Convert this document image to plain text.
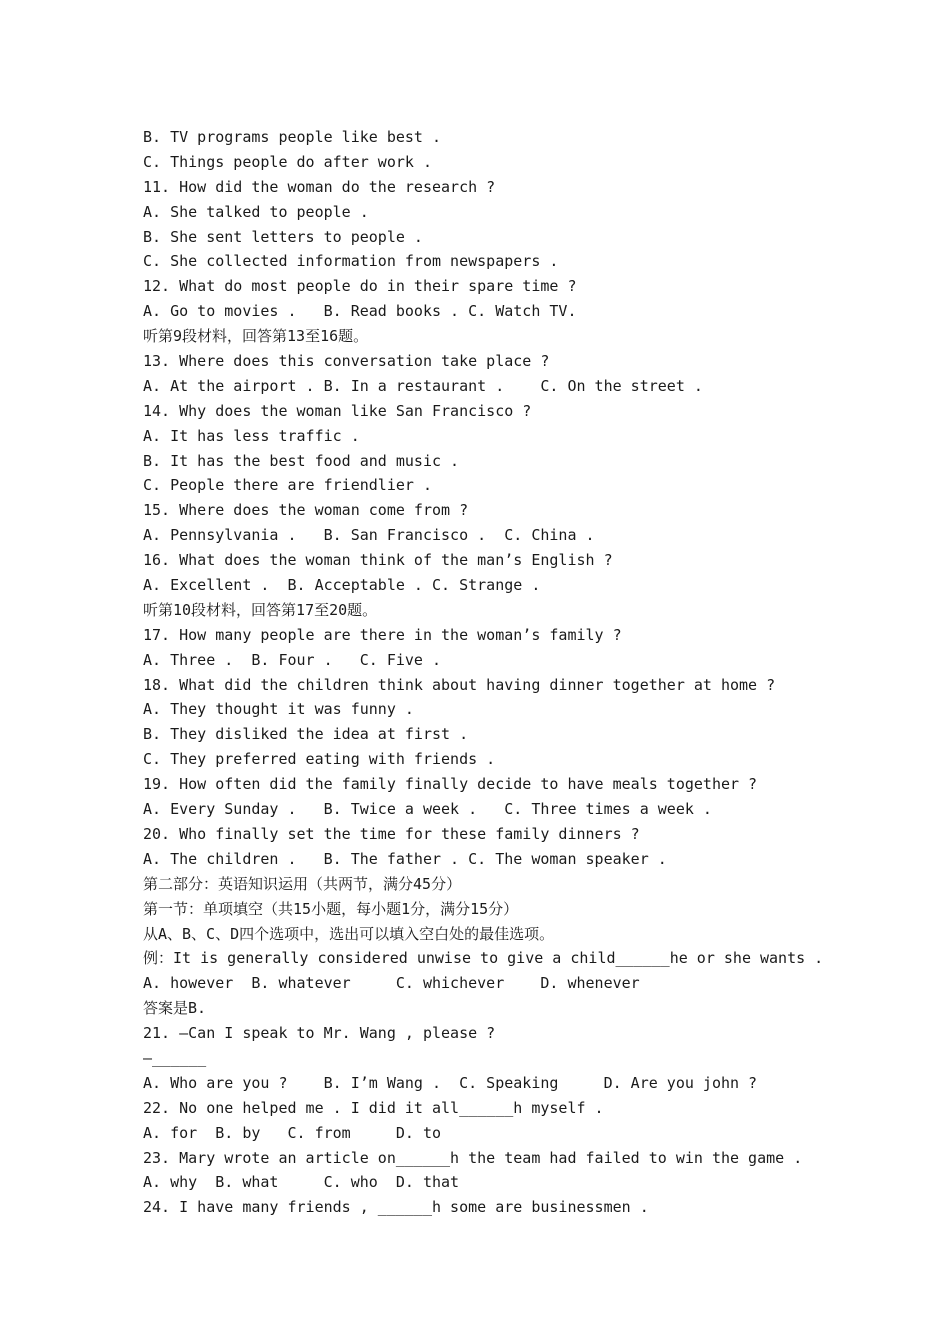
B. TV programs people like best .
C. Things people do after work .
11. How did the woman do the research ?
A. She talked to people .
B. She sent letters to people .
C. She collected information from newspapers .
12. What do most people do in their spare time ?
A. Go to movies .   B. Read books . C. Watch TV.
听第9段材料，回答第13至16题。
13. Where does this conversation take place ?
A. At the airport . B. In a restaurant .    C. On the street .
14. Why does the woman like San Francisco ?
A. It has less traffic .
B. It has the best food and music .
C. People there are friendlier .
15. Where does the woman come from ?
A. Pennsylvania .   B. San Francisco .  C. China .
16. What does the woman think of the man’s English ?
A. Excellent .  B. Acceptable . C. Strange .
听第10段材料，回答第17至20题。
17. How many people are there in the woman’s family ?
A. Three .  B. Four .   C. Five .
18. What did the children think about having dinner together at home ?
A. They thought it was funny .
B. They disliked the idea at first .
C. They preferred eating with friends .
19. How often did the family finally decide to have meals together ?
A. Every Sunday .   B. Twice a week .   C. Three times a week .
20. Who finally set the time for these family dinners ?
A. The children .   B. The father . C. The woman speaker .
第二部分：英语知识运用（共两节，满分45分）
第一节：单项填空（共15小题，每小题1分，满分15分）
从A、B、C、D四个选项中，选出可以填入空白处的最佳选项。
例：It is generally considered unwise to give a child______he or she wants .
A. however  B. whatever     C. whichever    D. whenever
答案是B.
21. —Can I speak to Mr. Wang , please ?
—______
A. Who are you ?    B. I’m Wang .  C. Speaking     D. Are you john ?
22. No one helped me . I did it all______h myself .
A. for  B. by   C. from     D. to
23. Mary wrote an article on______h the team had failed to win the game .
A. why  B. what     C. who  D. that
24. I have many friends , ______h some are businessmen .
